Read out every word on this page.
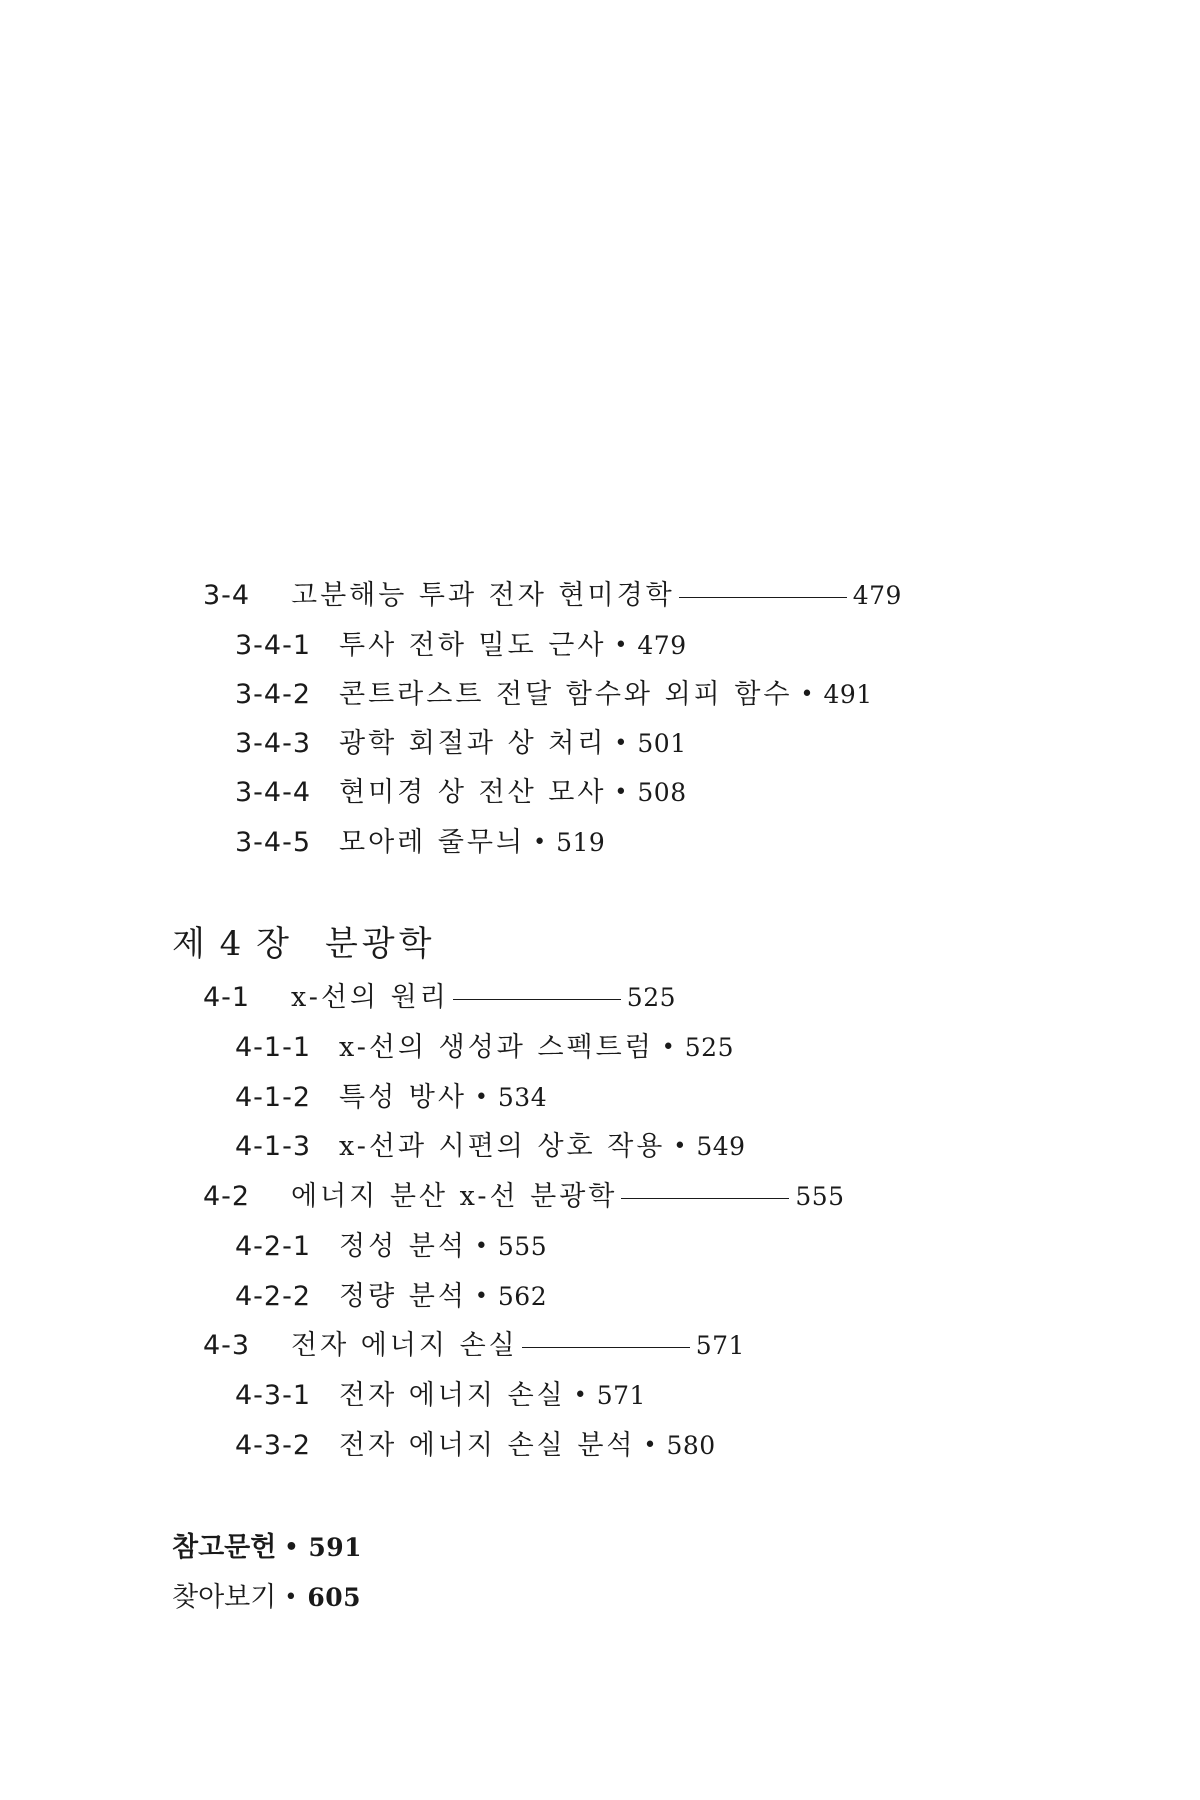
3-4	고분해능 투과 전자 현미경학	479
3-4-1	투사 전하 밀도 근사 • 479
3-4-2	콘트라스트 전달 함수와 외피 함수 • 491
3-4-3	광학 회절과 상 처리 • 501
3-4-4	현미경 상 전산 모사 • 508
3-4-5	모아레 줄무늬 • 519
제 4 장 분광학
4-1	x-선의 원리	525
4-1-1	x-선의 생성과 스펙트럼 • 525
4-1-2	특성 방사 • 534
4-1-3	x-선과 시편의 상호 작용 • 549
4-2	에너지 분산 x-선 분광학	555
4-2-1	정성 분석 • 555
4-2-2	정량 분석 • 562
4-3	전자 에너지 손실	571
4-3-1	전자 에너지 손실 • 571
4-3-2	전자 에너지 손실 분석 • 580
참고문헌 • 591
찾아보기 • 605
